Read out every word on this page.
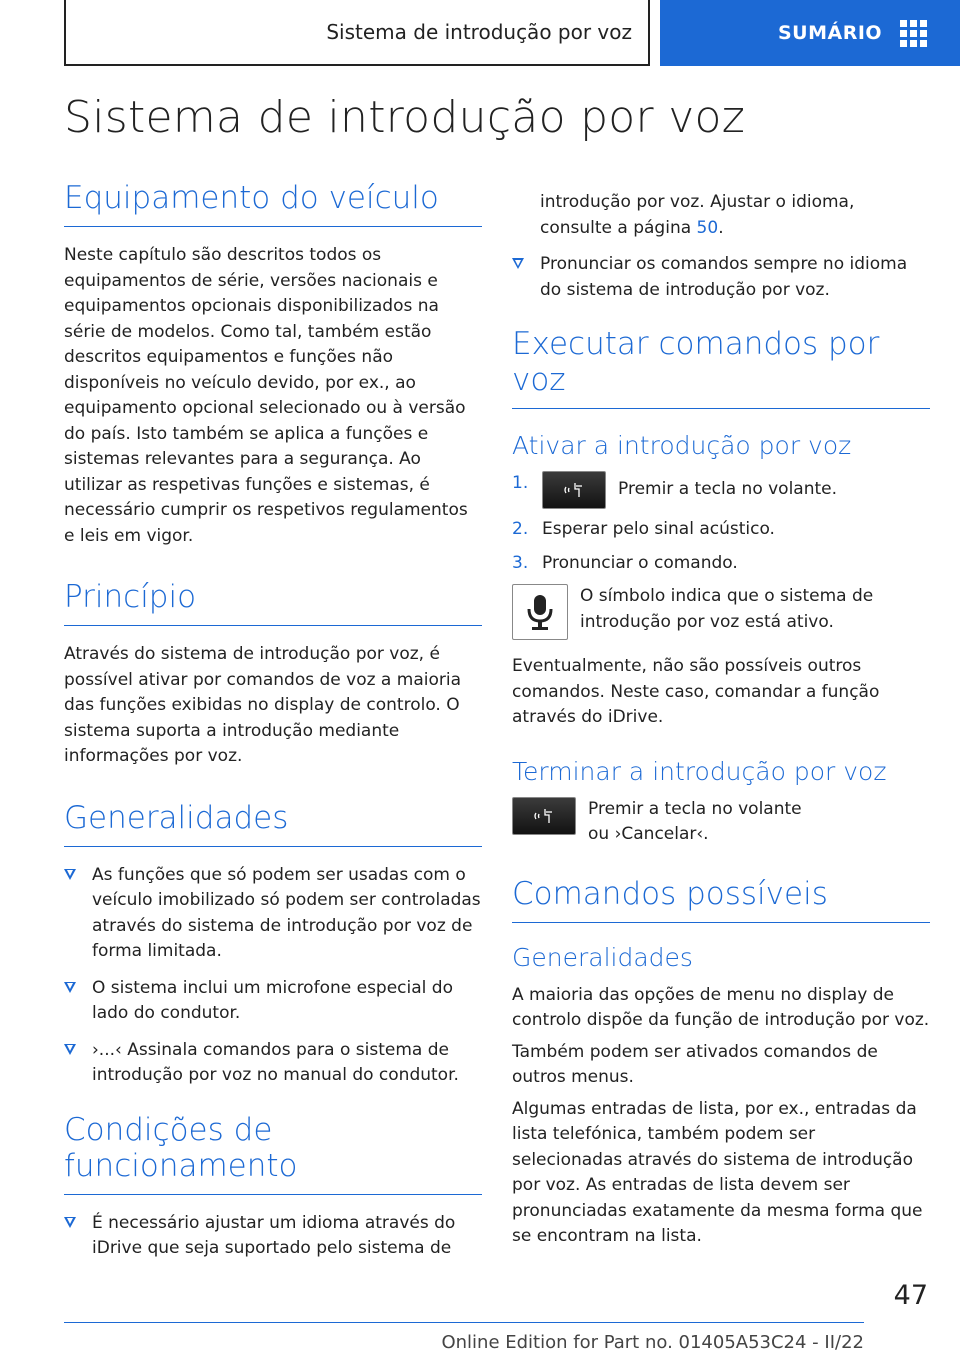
Sistema de introdução por voz	SUMÁRIO
Sistema de introdução por voz
Equipamento do veículo
Neste capítulo são descritos todos os equipamentos de série, versões nacionais e equipamentos opcionais disponibilizados na série de modelos. Como tal, também estão descritos equipamentos e funções não disponíveis no veículo devido, por ex., ao equipamento opcional selecionado ou à versão do país. Isto também se aplica a funções e sistemas relevantes para a segurança. Ao utilizar as respetivas funções e sistemas, é necessário cumprir os respetivos regulamentos e leis em vigor.
Princípio
Através do sistema de introdução por voz, é possível ativar por comandos de voz a maioria das funções exibidas no display de controlo. O sistema suporta a introdução mediante informações por voz.
Generalidades
As funções que só podem ser usadas com o veículo imobilizado só podem ser controladas através do sistema de introdução por voz de forma limitada.
O sistema inclui um microfone especial do lado do condutor.
›...‹ Assinala comandos para o sistema de introdução por voz no manual do condutor.
Condições de funcionamento
É necessário ajustar um idioma através do iDrive que seja suportado pelo sistema de
introdução por voz. Ajustar o idioma, consulte a página 50.
Pronunciar os comandos sempre no idioma do sistema de introdução por voz.
Executar comandos por voz
Ativar a introdução por voz
1.	Premir a tecla no volante.
2. Esperar pelo sinal acústico.
3. Pronunciar o comando.
O símbolo indica que o sistema de introdução por voz está ativo.
Eventualmente, não são possíveis outros comandos. Neste caso, comandar a função através do iDrive.
Terminar a introdução por voz
Premir a tecla no volante ou ›Cancelar‹.
Comandos possíveis
Generalidades
A maioria das opções de menu no display de controlo dispõe da função de introdução por voz.
Também podem ser ativados comandos de outros menus.
Algumas entradas de lista, por ex., entradas da lista telefónica, também podem ser selecionadas através do sistema de introdução por voz. As entradas de lista devem ser pronunciadas exatamente da mesma forma que se encontram na lista.
47
Online Edition for Part no. 01405A53C24 - II/22
